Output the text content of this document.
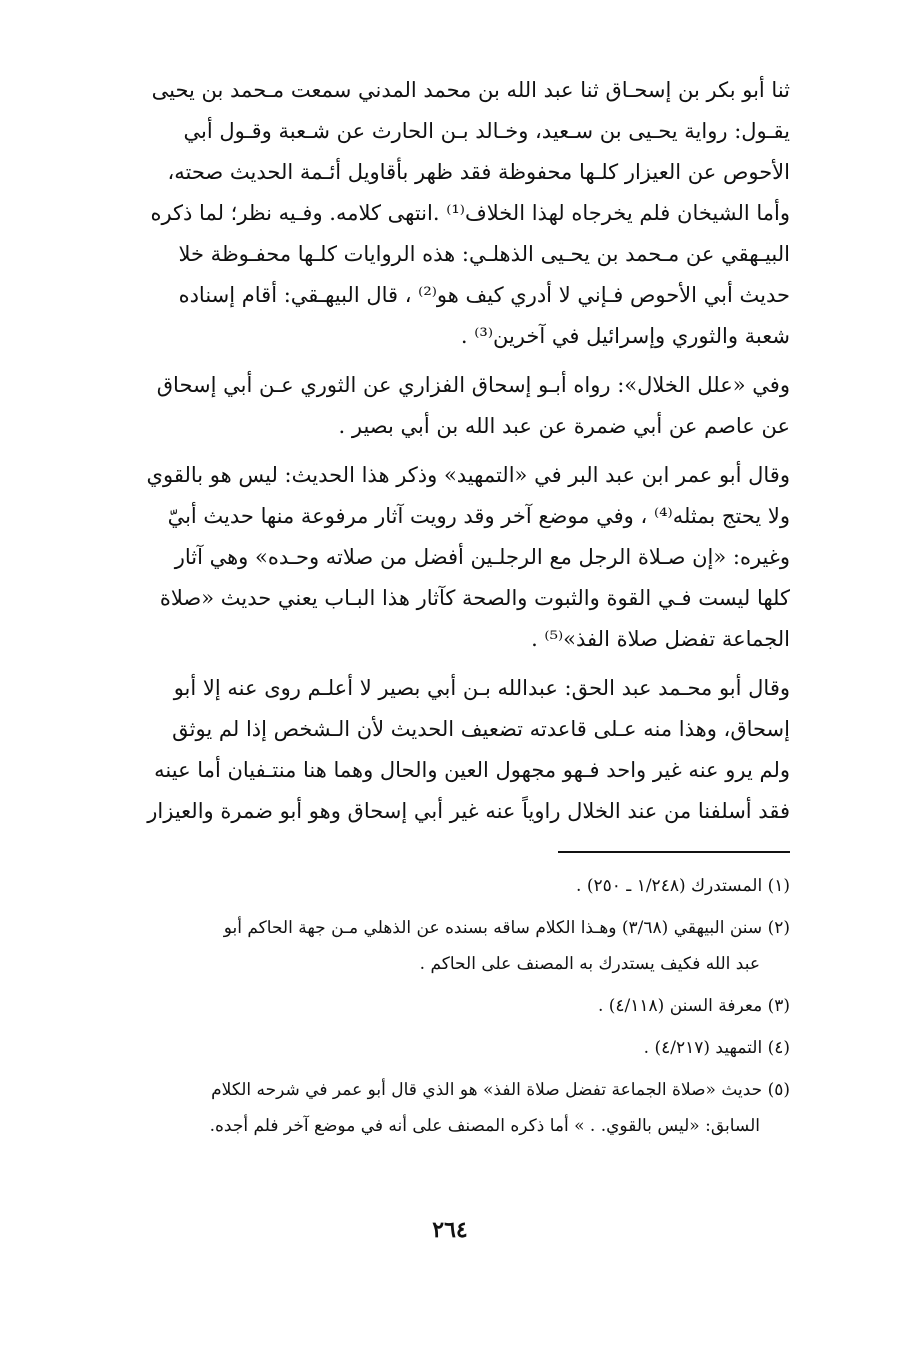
ثنا أبو بكر بن إسحـاق ثنا عبد الله بن محمد المدني سمعت مـحمد بن يحيى
يقـول: رواية يحـيى بن سـعيد، وخـالد بـن الحارث عن شـعبة وقـول أبي
الأحوص عن العيزار كلـها محفوظة فقد ظهر بأقاويل أئـمة الحديث صحته،
وأما الشيخان فلم يخرجاه لهذا الخلاف⁽¹⁾ .انتهى كلامه. وفـيه نظر؛ لما ذكره
البيـهقي عن مـحمد بن يحـيى الذهلـي: هذه الروايات كلـها محفـوظة خلا
حديث أبي الأحوص فـإني لا أدري كيف هو⁽²⁾ ، قال البيهـقي: أقام إسناده
شعبة والثوري وإسرائيل في آخرين⁽³⁾ .
وفي «علل الخلال»: رواه أبـو إسحاق الفزاري عن الثوري عـن أبي إسحاق
عن عاصم عن أبي ضمرة عن عبد الله بن أبي بصير .
وقال أبو عمر ابن عبد البر في «التمهيد» وذكر هذا الحديث: ليس هو بالقوي
ولا يحتج بمثله⁽⁴⁾ ، وفي موضع آخر وقد رويت آثار مرفوعة منها حديث أبيّ
وغيره: «إن صـلاة الرجل مع الرجلـين أفضل من صلاته وحـده» وهي آثار
كلها ليست فـي القوة والثبوت والصحة كآثار هذا البـاب يعني حديث «صلاة
الجماعة تفضل صلاة الفذ»⁽⁵⁾ .
وقال أبو محـمد عبد الحق: عبدالله بـن أبي بصير لا أعلـم روى عنه إلا أبو
إسحاق، وهذا منه عـلى قاعدته تضعيف الحديث لأن الـشخص إذا لم يوثق
ولم يرو عنه غير واحد فـهو مجهول العين والحال وهما هنا منتـفيان أما عينه
فقد أسلفنا من عند الخلال راوياً عنه غير أبي إسحاق وهو أبو ضمرة والعيزار
(١) المستدرك (١/٢٤٨ ـ ٢٥٠) .
(٢) سنن البيهقي (٣/٦٨) وهـذا الكلام ساقه بسنده عن الذهلي مـن جهة الحاكم أبو
عبد الله فكيف يستدرك به المصنف على الحاكم .
(٣) معرفة السنن (٤/١١٨) .
(٤) التمهيد (٤/٢١٧) .
(٥) حديث «صلاة الجماعة تفضل صلاة الفذ» هو الذي قال أبو عمر في شرحه الكلام
السابق: «ليس بالقوي. . » أما ذكره المصنف على أنه في موضع آخر فلم أجده.
٢٦٤
